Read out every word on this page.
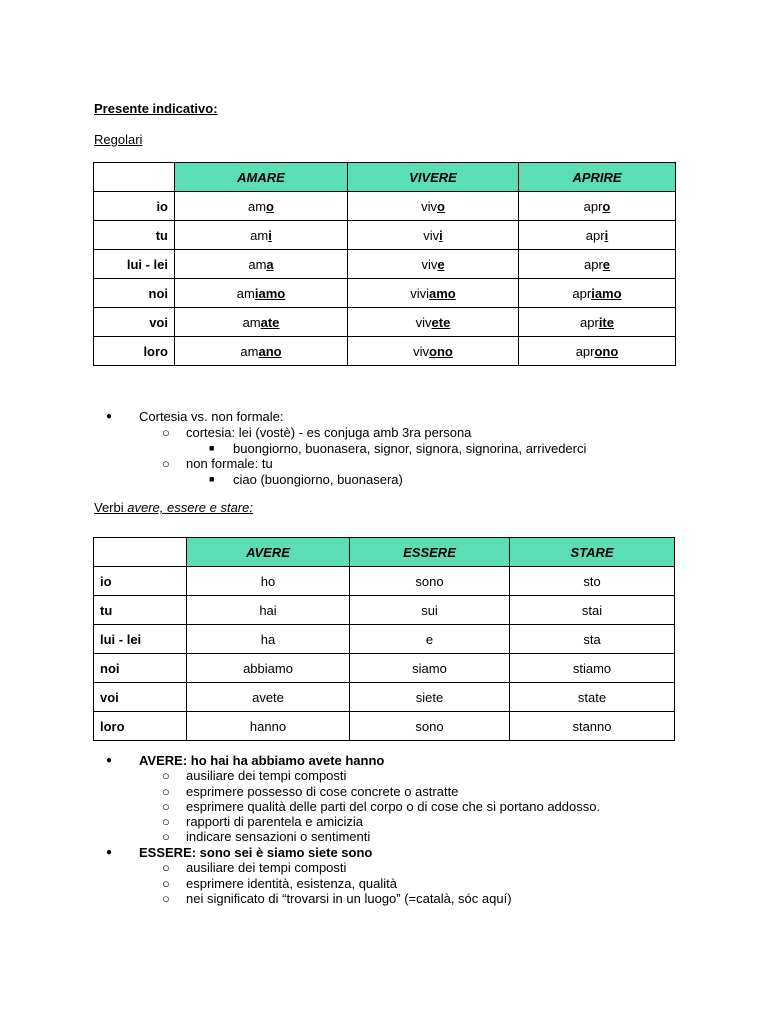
Presente indicativo:
Regolari
	AMARE	VIVERE	APRIRE
io	amo	vivo	apro
tu	ami	vivi	apri
lui - lei	ama	vive	apre
noi	amiamo	viviamo	apriamo
voi	amate	vivete	aprite
loro	amano	vivono	aprono
● Cortesia vs. non formale:
○ cortesia: lei (vostè) - es conjuga amb 3ra persona
■ buongiorno, buonasera, signor, signora, signorina, arrivederci
○ non formale: tu
■ ciao (buongiorno, buonasera)
Verbi avere, essere e stare:
	AVERE	ESSERE	STARE
io	ho	sono	sto
tu	hai	sui	stai
lui - lei	ha	e	sta
noi	abbiamo	siamo	stiamo
voi	avete	siete	state
loro	hanno	sono	stanno
● AVERE: ho hai ha abbiamo avete hanno
○ ausiliare dei tempi composti
○ esprimere possesso di cose concrete o astratte
○ esprimere qualità delle parti del corpo o di cose che si portano addosso.
○ rapporti di parentela e amicizia
○ indicare sensazioni o sentimenti
● ESSERE: sono sei è siamo siete sono
○ ausiliare dei tempi composti
○ esprimere identità, esistenza, qualità
○ nei significato di “trovarsi in un luogo” (=català, sóc aquí)
